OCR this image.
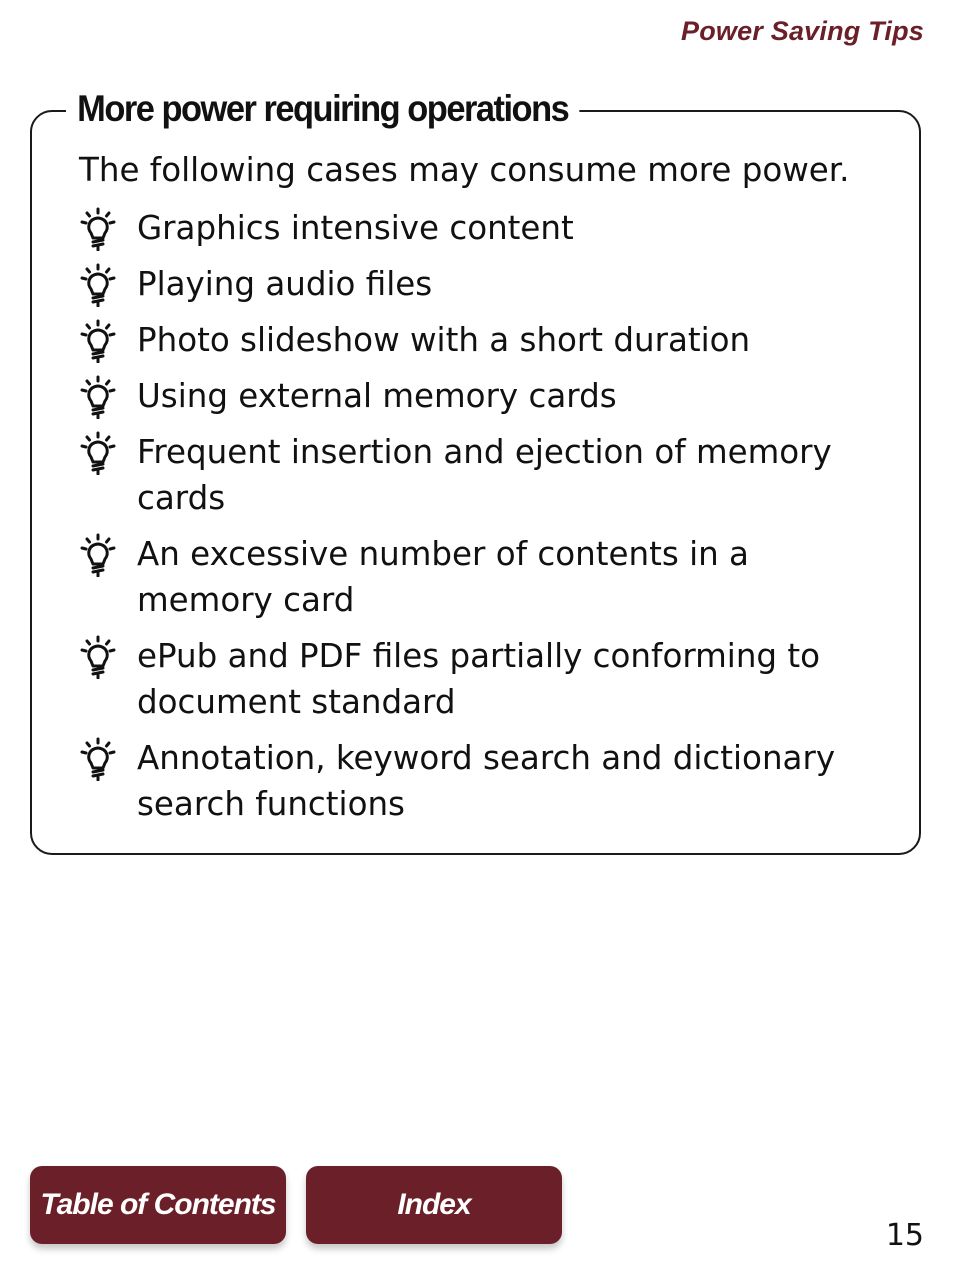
Power Saving Tips
More power requiring operations
The following cases may consume more power.
Graphics intensive content
Playing audio files
Photo slideshow with a short duration
Using external memory cards
Frequent insertion and ejection of memory cards
An excessive number of contents in a memory card
ePub and PDF files partially conforming to document standard
Annotation, keyword search and dictionary search functions
Table of Contents	Index
15
